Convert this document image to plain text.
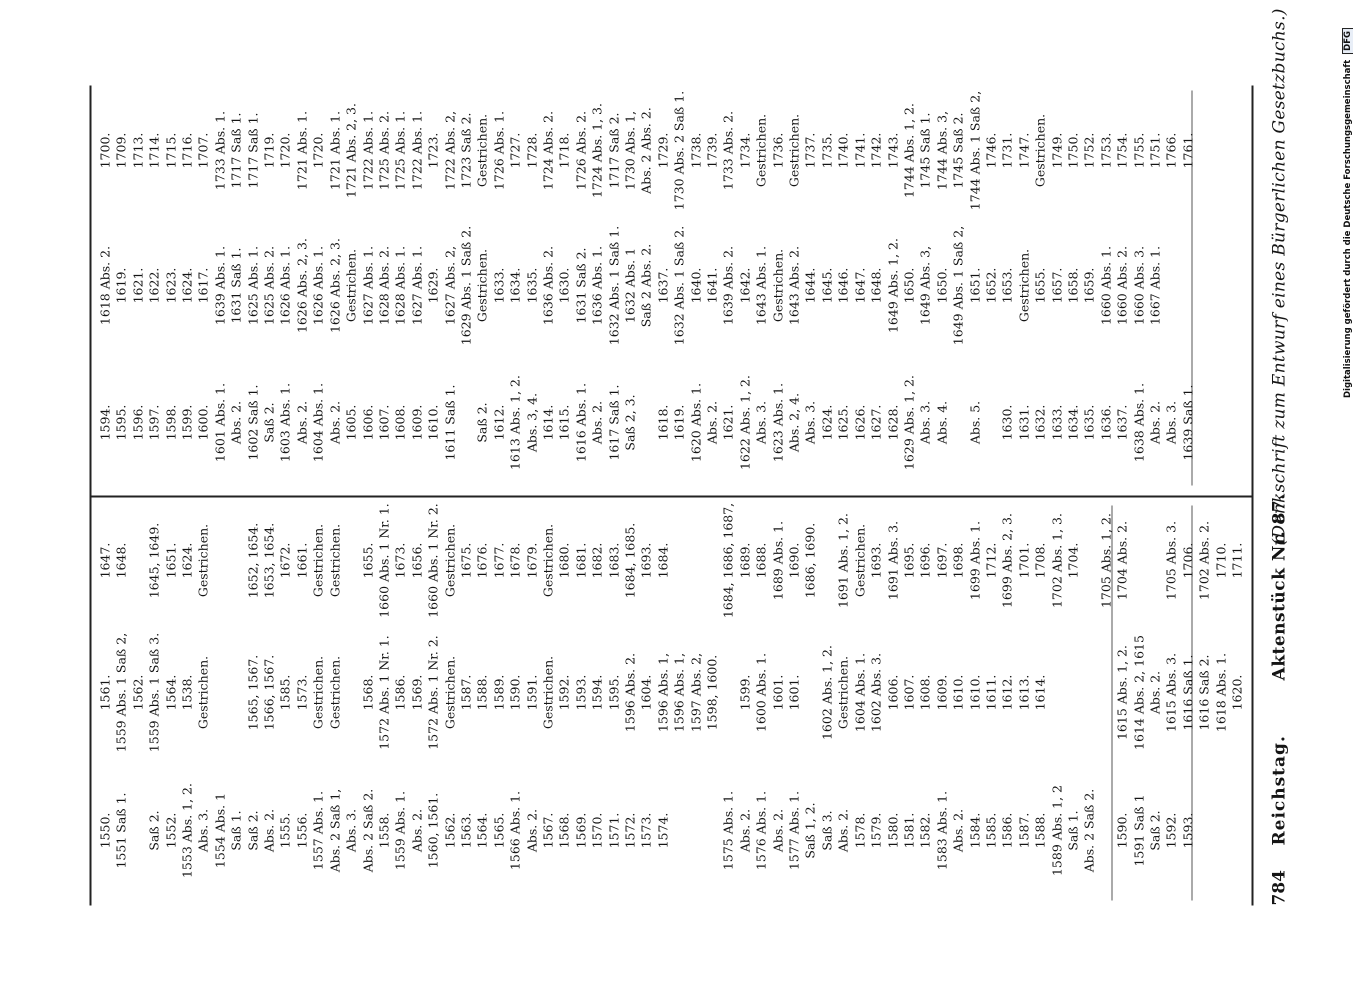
784
Reichstag.
Aktenstück Nr. 87.
(Denkschrift zum Entwurf eines Bürgerlichen Gesetzbuchs.)
1550.
1551 Saß 1.

Saß 2.
1552.
1553 Abs. 1, 2.
Abs. 3.
1554 Abs. 1
Saß 1.
Saß 2.
Abs. 2.
1555.
1556.
1557 Abs. 1.
Abs. 2 Saß 1,
Abs. 3.
Abs. 2 Saß 2.
1558.
1559 Abs. 1.
Abs. 2.
1560, 1561.
1562.
1563.
1564.
1565.
1566 Abs. 1.
Abs. 2.
1567.
1568.
1569.
1570.
1571.
1572.
1573.
1574.

1575 Abs. 1.
Abs. 2.
1576 Abs. 1.
Abs. 2.
1577 Abs. 1.
Saß 1, 2.
Saß 3.
Abs. 2.
1578.
1579.
1580.
1581.
1582.
1583 Abs. 1.
Abs. 2.
1584.
1585.
1586.
1587.
1588.
1589 Abs. 1, 2
Saß 1.
Abs. 2 Saß 2.

1590.
1591 Saß 1
Saß 2.
1592.
1593.
1561.
1559 Abs. 1 Saß 2,
1562.
1559 Abs. 1 Saß 3.
1564.
1538.
Gestrichen.

1565, 1567.
1566, 1567.
1585.
1573.
Gestrichen.
Gestrichen.

1568.
1572 Abs. 1 Nr. 1.
1586.
1569.
1572 Abs. 1 Nr. 2.
Gestrichen.
1587.
1588.
1589.
1590.
1591.
Gestrichen.
1592.
1593.
1594.
1595.
1596 Abs. 2.
1604.
1596 Abs. 1,
1596 Abs. 1,
1597 Abs. 2,
1598, 1600.

1599.
1600 Abs. 1.
1601.
1601.

1602 Abs. 1, 2.
Gestrichen.
1604 Abs. 1.
1602 Abs. 3.
1606.
1607.
1608.
1609.
1610.
1610.
1611.
1612.
1613.
1614.

1615 Abs. 1, 2.
1614 Abs. 2, 1615
Abs. 2.
1615 Abs. 3.
1616 Saß 1.
1616 Saß 2.
1618 Abs. 1.
1620.
1647.
1648.

1645, 1649.
1651.
1624.
Gestrichen.

1652, 1654.
1653, 1654.
1672.
1661.
Gestrichen.
Gestrichen.

1655.
1660 Abs. 1 Nr. 1.
1673.
1656.
1660 Abs. 1 Nr. 2.
Gestrichen.
1675.
1676.
1677.
1678.
1679.
Gestrichen.
1680.
1681.
1682.
1683.
1684, 1685.
1693.
1684.

1684, 1686, 1687,
1689.
1688.
1689 Abs. 1.
1690.
1686, 1690.

1691 Abs. 1, 2.
Gestrichen.
1693.
1691 Abs. 3.
1695.
1696.
1697.
1698.
1699 Abs. 1.
1712.
1699 Abs. 2, 3.
1701.
1708.
1702 Abs. 1, 3.
1704.

1705 Abs. 1, 2.
1704 Abs. 2.

1705 Abs. 3.
1706.
1702 Abs. 2.
1710.
1711.
1594.
1595.
1596.
1597.
1598.
1599.
1600.
1601 Abs. 1.
Abs. 2.
1602 Saß 1.
Saß 2.
1603 Abs. 1.
Abs. 2.
1604 Abs. 1.
Abs. 2.
1605.
1606.
1607.
1608.
1609.
1610.
1611 Saß 1.

Saß 2.
1612.
1613 Abs. 1, 2.
Abs. 3, 4.
1614.
1615.
1616 Abs. 1.
Abs. 2.
1617 Saß 1.
Saß 2, 3.

1618.
1619.
1620 Abs. 1.
Abs. 2.
1621.
1622 Abs. 1, 2.
Abs. 3.
1623 Abs. 1.
Abs. 2, 4.
Abs. 3.
1624.
1625.
1626.
1627.
1628.
1629 Abs. 1, 2.
Abs. 3.
Abs. 4.

Abs. 5.

1630.
1631.
1632.
1633.
1634.
1635.
1636.
1637.
1638 Abs. 1.
Abs. 2.
Abs. 3.
1639 Saß 1.
1618 Abs. 2.
1619.
1621.
1622.
1623.
1624.
1617.
1639 Abs. 1.
1631 Saß 1.
1625 Abs. 1.
1625 Abs. 2.
1626 Abs. 1.
1626 Abs. 2, 3.
1626 Abs. 1.
1626 Abs. 2, 3.
Gestrichen.
1627 Abs. 1.
1628 Abs. 2.
1628 Abs. 1.
1627 Abs. 1.
1629.
1627 Abs. 2,
1629 Abs. 1 Saß 2.
Gestrichen.
1633.
1634.
1635.
1636 Abs. 2.
1630.
1631 Saß 2.
1636 Abs. 1.
1632 Abs. 1 Saß 1.
1632 Abs. 1
Saß 2 Abs. 2.
1637.
1632 Abs. 1 Saß 2.
1640.
1641.
1639 Abs. 2.
1642.
1643 Abs. 1.
Gestrichen.
1643 Abs. 2.
1644.
1645.
1646.
1647.
1648.
1649 Abs. 1, 2.
1650.
1649 Abs. 3,
1650.
1649 Abs. 1 Saß 2,
1651.
1652.
1653.
Gestrichen.
1655.
1657.
1658.
1659.
1660 Abs. 1.
1660 Abs. 2.
1660 Abs. 3.
1667 Abs. 1.
1700.
1709.
1713.
1714.
1715.
1716.
1707.
1733 Abs. 1.
1717 Saß 1.
1717 Saß 1.
1719.
1720.
1721 Abs. 1.
1720.
1721 Abs. 1.
1721 Abs. 2, 3.
1722 Abs. 1.
1725 Abs. 2.
1725 Abs. 1.
1722 Abs. 1.
1723.
1722 Abs. 2,
1723 Saß 2.
Gestrichen.
1726 Abs. 1.
1727.
1728.
1724 Abs. 2.
1718.
1726 Abs. 2.
1724 Abs. 1, 3.
1717 Saß 2.
1730 Abs. 1,
Abs. 2 Abs. 2.
1729.
1730 Abs. 2 Saß 1.
1738.
1739.
1733 Abs. 2.
1734.
Gestrichen.
1736.
Gestrichen.
1737.
1735.
1740.
1741.
1742.
1743.
1744 Abs. 1, 2.
1745 Saß 1.
1744 Abs. 3,
1745 Saß 2.
1744 Abs. 1 Saß 2,
1746.
1731.
1747.
Gestrichen.
1749.
1750.
1752.
1753.
1754.
1755.
1751.
1766.
1761.	Digitalisierung gefördert durch die Deutsche Forschungsgemeinschaft DFG
